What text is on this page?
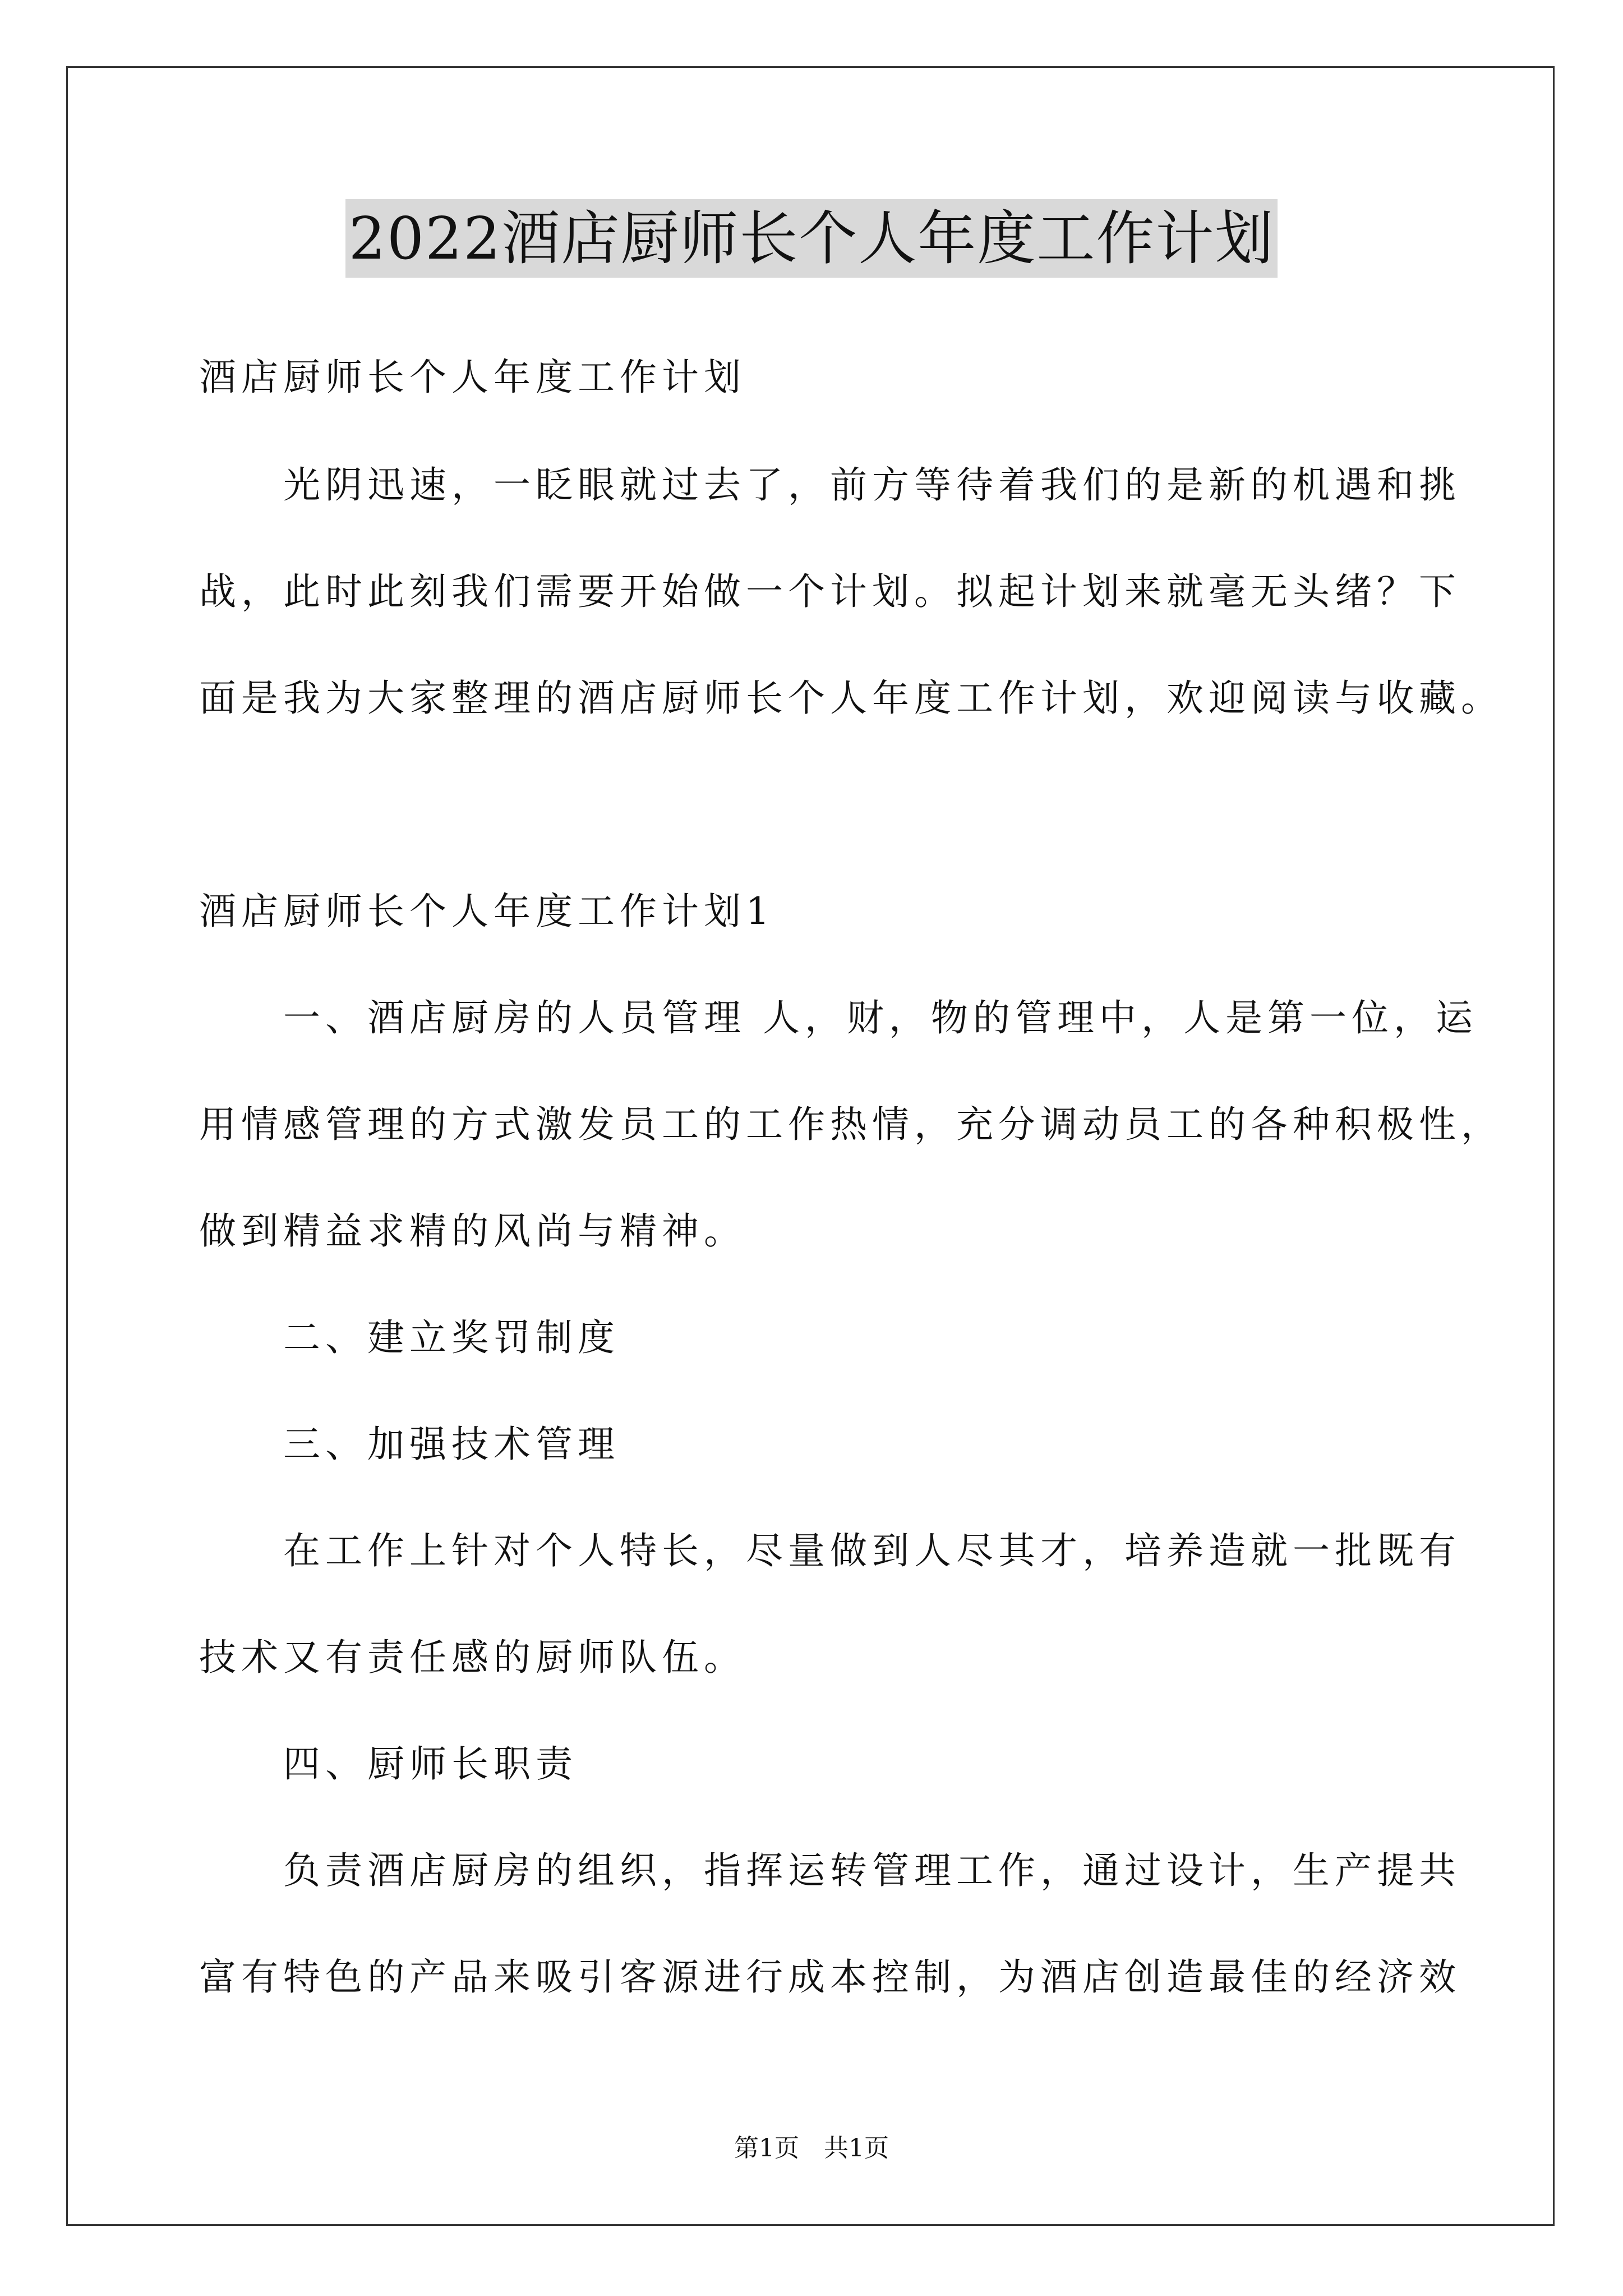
2022酒店厨师长个人年度工作计划
酒店厨师长个人年度工作计划
光阴迅速，一眨眼就过去了，前方等待着我们的是新的机遇和挑
战，此时此刻我们需要开始做一个计划。拟起计划来就毫无头绪？下
面是我为大家整理的酒店厨师长个人年度工作计划，欢迎阅读与收藏。
酒店厨师长个人年度工作计划1
一、酒店厨房的人员管理 人，财，物的管理中，人是第一位，运
用情感管理的方式激发员工的工作热情，充分调动员工的各种积极性，
做到精益求精的风尚与精神。
二、建立奖罚制度
三、加强技术管理
在工作上针对个人特长，尽量做到人尽其才，培养造就一批既有
技术又有责任感的厨师队伍。
四、厨师长职责
负责酒店厨房的组织，指挥运转管理工作，通过设计，生产提共
富有特色的产品来吸引客源进行成本控制，为酒店创造最佳的经济效
第1页　共1页
